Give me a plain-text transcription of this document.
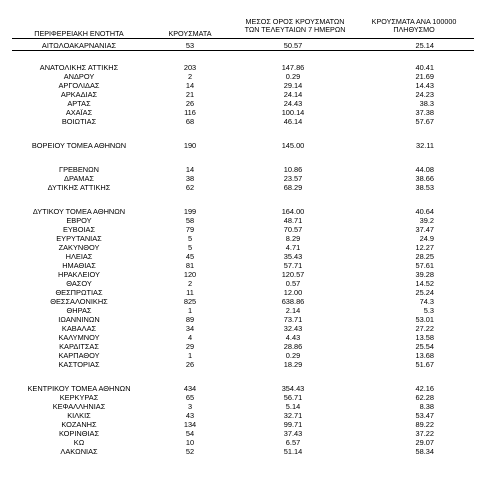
ΠΕΡΙΦΕΡΕΙΑΚΗ ΕΝΟΤΗΤΑ	ΚΡΟΥΣΜΑΤΑ
ΜΕΣΟΣ ΟΡΟΣ ΚΡΟΥΣΜΑΤΩΝ
ΤΩΝ ΤΕΛΕΥΤΑΙΩΝ 7 ΗΜΕΡΩΝ
ΚΡΟΥΣΜΑΤΑ ΑΝΑ 100000
ΠΛΗΘΥΣΜΟ
ΑΙΤΩΛΟΑΚΑΡΝΑΝΙΑΣ	53	50.57	25.14
ΑΝΑΤΟΛΙΚΗΣ ΑΤΤΙΚΗΣ	203	147.86	40.41
ΑΝΔΡΟΥ	2	0.29	21.69
ΑΡΓΟΛΙΔΑΣ	14	29.14	14.43
ΑΡΚΑΔΙΑΣ	21	24.14	24.23
ΑΡΤΑΣ	26	24.43	38.3
ΑΧΑΪΑΣ	116	100.14	37.38
ΒΟΙΩΤΙΑΣ	68	46.14	57.67
ΒΟΡΕΙΟΥ ΤΟΜΕΑ ΑΘΗΝΩΝ	190	145.00	32.11
ΓΡΕΒΕΝΩΝ	14	10.86	44.08
ΔΡΑΜΑΣ	38	23.57	38.66
ΔΥΤΙΚΗΣ ΑΤΤΙΚΗΣ	62	68.29	38.53
ΔΥΤΙΚΟΥ ΤΟΜΕΑ ΑΘΗΝΩΝ	199	164.00	40.64
ΕΒΡΟΥ	58	48.71	39.2
ΕΥΒΟΙΑΣ	79	70.57	37.47
ΕΥΡΥΤΑΝΙΑΣ	5	8.29	24.9
ΖΑΚΥΝΘΟΥ	5	4.71	12.27
ΗΛΕΙΑΣ	45	35.43	28.25
ΗΜΑΘΙΑΣ	81	57.71	57.61
ΗΡΑΚΛΕΙΟΥ	120	120.57	39.28
ΘΑΣΟΥ	2	0.57	14.52
ΘΕΣΠΡΩΤΙΑΣ	11	12.00	25.24
ΘΕΣΣΑΛΟΝΙΚΗΣ	825	638.86	74.3
ΘΗΡΑΣ	1	2.14	5.3
ΙΩΑΝΝΙΝΩΝ	89	73.71	53.01
ΚΑΒΑΛΑΣ	34	32.43	27.22
ΚΑΛΥΜΝΟΥ	4	4.43	13.58
ΚΑΡΔΙΤΣΑΣ	29	28.86	25.54
ΚΑΡΠΑΘΟΥ	1	0.29	13.68
ΚΑΣΤΟΡΙΑΣ	26	18.29	51.67
ΚΕΝΤΡΙΚΟΥ ΤΟΜΕΑ ΑΘΗΝΩΝ	434	354.43	42.16
ΚΕΡΚΥΡΑΣ	65	56.71	62.28
ΚΕΦΑΛΛΗΝΙΑΣ	3	5.14	8.38
ΚΙΛΚΙΣ	43	32.71	53.47
ΚΟΖΑΝΗΣ	134	99.71	89.22
ΚΟΡΙΝΘΙΑΣ	54	37.43	37.22
ΚΩ	10	6.57	29.07
ΛΑΚΩΝΙΑΣ	52	51.14	58.34
